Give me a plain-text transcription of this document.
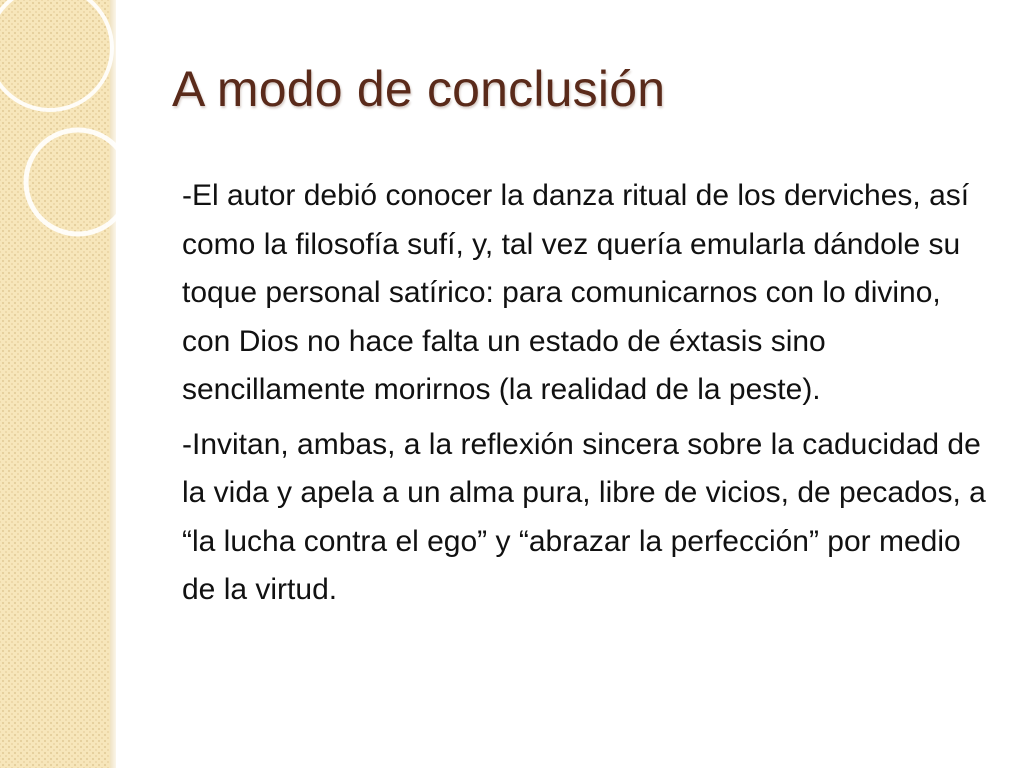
A modo de conclusión

-El autor debió conocer la danza ritual de los derviches, así como la filosofía sufí, y, tal vez quería emularla dándole su toque personal satírico: para comunicarnos con lo divino, con Dios no hace falta un estado de éxtasis sino sencillamente morirnos (la realidad de la peste).

-Invitan, ambas, a la reflexión sincera sobre la caducidad de la vida y apela a un alma pura, libre de vicios, de pecados, a “la lucha contra el ego” y “abrazar la perfección” por medio de la virtud.
